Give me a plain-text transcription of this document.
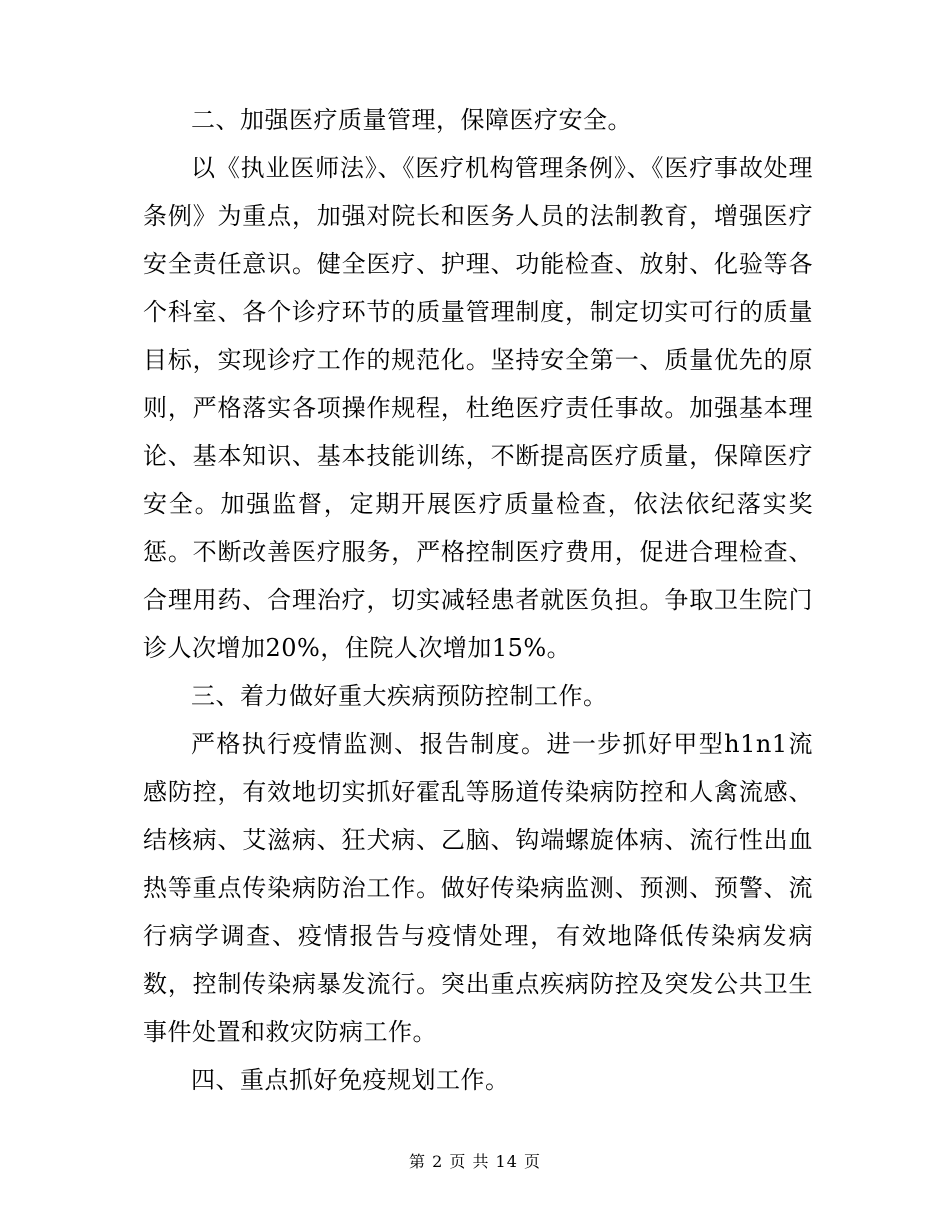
二、加强医疗质量管理，保障医疗安全。

以《执业医师法》、《医疗机构管理条例》、《医疗事故处理条例》为重点，加强对院长和医务人员的法制教育，增强医疗安全责任意识。健全医疗、护理、功能检查、放射、化验等各个科室、各个诊疗环节的质量管理制度，制定切实可行的质量目标，实现诊疗工作的规范化。坚持安全第一、质量优先的原则，严格落实各项操作规程，杜绝医疗责任事故。加强基本理论、基本知识、基本技能训练，不断提高医疗质量，保障医疗安全。加强监督，定期开展医疗质量检查，依法依纪落实奖惩。不断改善医疗服务，严格控制医疗费用，促进合理检查、合理用药、合理治疗，切实减轻患者就医负担。争取卫生院门诊人次增加20%，住院人次增加15%。

三、着力做好重大疾病预防控制工作。

严格执行疫情监测、报告制度。进一步抓好甲型h1n1流感防控，有效地切实抓好霍乱等肠道传染病防控和人禽流感、结核病、艾滋病、狂犬病、乙脑、钩端螺旋体病、流行性出血热等重点传染病防治工作。做好传染病监测、预测、预警、流行病学调查、疫情报告与疫情处理，有效地降低传染病发病数，控制传染病暴发流行。突出重点疾病防控及突发公共卫生事件处置和救灾防病工作。

四、重点抓好免疫规划工作。

第 2 页 共 14 页
